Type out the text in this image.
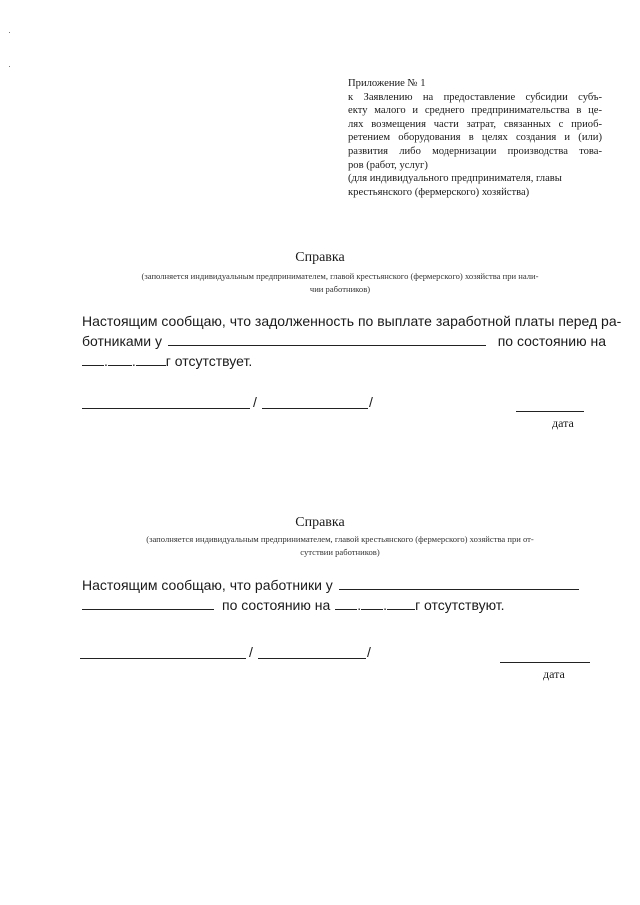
Приложение № 1
к Заявлению на предоставление субсидии субъ-
екту малого и среднего предпринимательства в це-
лях возмещения части затрат, связанных с приоб-
ретением оборудования в целях создания и (или)
развития либо модернизации производства това-
ров (работ, услуг)
(для индивидуального предпринимателя, главы
крестьянского (фермерского) хозяйства)
Справка
(заполняется индивидуальным предпринимателем, главой крестьянского (фермерского) хозяйства при нали-
чии работников)
Настоящим сообщаю, что задолженность по выплате заработной платы перед ра-
ботниками у	по состоянию на
. . г отсутствует.
/	/
дата
Справка
(заполняется индивидуальным предпринимателем, главой крестьянского (фермерского) хозяйства при от-
сутствии работников)
Настоящим сообщаю, что работники у
по состоянию на . . г отсутствуют.
/	/
дата
